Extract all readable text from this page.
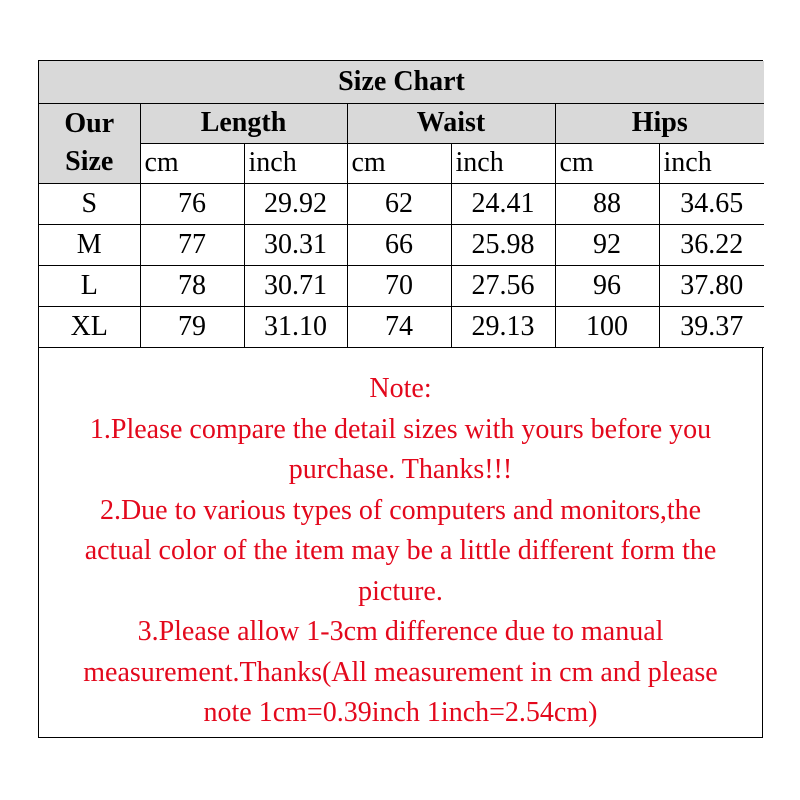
Size Chart						

Our
Size	Length		Waist		Hips	
	cm	inch	cm	inch	cm	inch
S	76	29.92	62	24.41	88	34.65
M	77	30.31	66	25.98	92	36.22
L	78	30.71	70	27.56	96	37.80
XL	79	31.10	74	29.13	100	39.37
Note:
1.Please compare the detail sizes with yours before you
purchase. Thanks!!!
2.Due to various types of computers and monitors,the
actual color of the item may be a little different form the
picture.
3.Please allow 1-3cm difference due to manual
measurement.Thanks(All measurement in cm and please
note 1cm=0.39inch 1inch=2.54cm)
